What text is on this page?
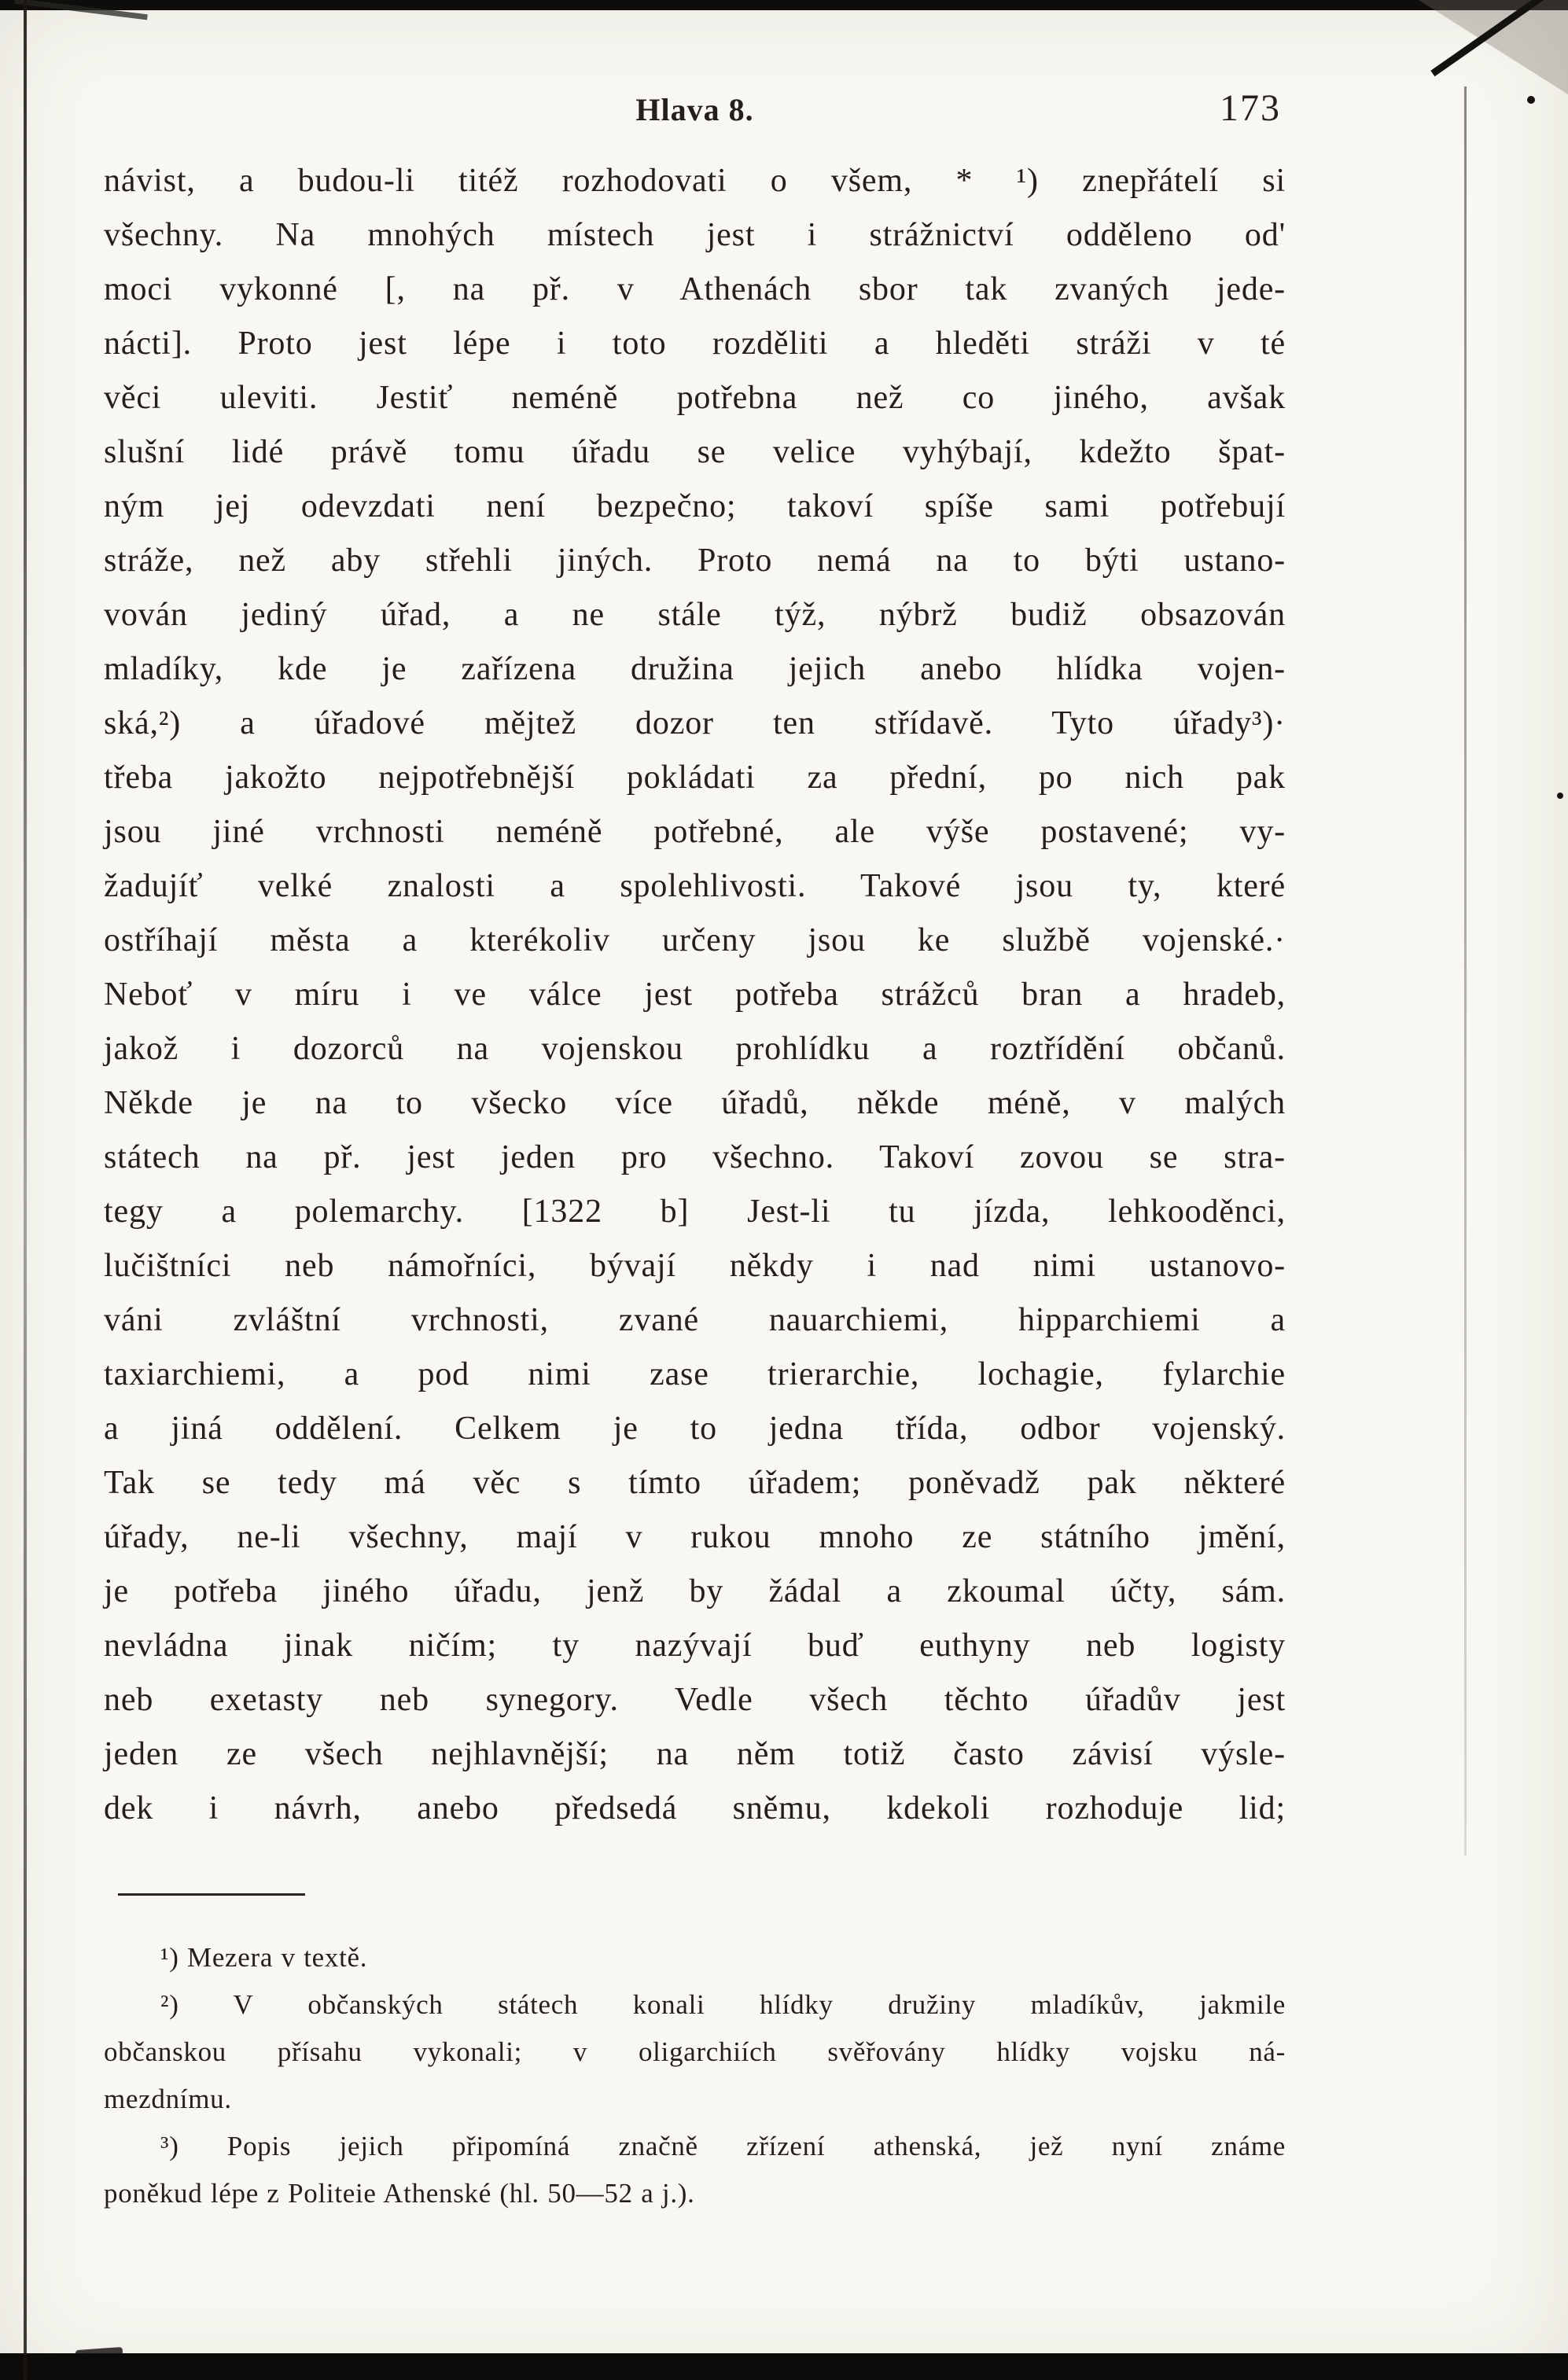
Hlava 8.	173
návist, a budou-li titéž rozhodovati o všem, * ¹) znepřátelí si
všechny. Na mnohých místech jest i strážnictví odděleno od'
moci vykonné [, na př. v Athenách sbor tak zvaných jede-
nácti]. Proto jest lépe i toto rozděliti a hleděti stráži v té
věci uleviti. Jestiť neméně potřebna než co jiného, avšak
slušní lidé právě tomu úřadu se velice vyhýbají, kdežto špat-
ným jej odevzdati není bezpečno; takoví spíše sami potřebují
stráže, než aby střehli jiných. Proto nemá na to býti ustano-
vován jediný úřad, a ne stále týž, nýbrž budiž obsazován
mladíky, kde je zařízena družina jejich anebo hlídka vojen-
ská,²) a úřadové mějtež dozor ten střídavě. Tyto úřady³)·
třeba jakožto nejpotřebnější pokládati za přední, po nich pak
jsou jiné vrchnosti neméně potřebné, ale výše postavené; vy-
žadujíť velké znalosti a spolehlivosti. Takové jsou ty, které
ostříhají města a kterékoliv určeny jsou ke službě vojenské.·
Neboť v míru i ve válce jest potřeba strážců bran a hradeb,
jakož i dozorců na vojenskou prohlídku a roztřídění občanů.
Někde je na to všecko více úřadů, někde méně, v malých
státech na př. jest jeden pro všechno. Takoví zovou se stra-
tegy a polemarchy. [1322 b] Jest-li tu jízda, lehkooděnci,
lučištníci neb námořníci, bývají někdy i nad nimi ustanovo-
váni zvláštní vrchnosti, zvané nauarchiemi, hipparchiemi a
taxiarchiemi, a pod nimi zase trierarchie, lochagie, fylarchie
a jiná oddělení. Celkem je to jedna třída, odbor vojenský.
Tak se tedy má věc s tímto úřadem; poněvadž pak některé
úřady, ne-li všechny, mají v rukou mnoho ze státního jmění,
je potřeba jiného úřadu, jenž by žádal a zkoumal účty, sám.
nevládna jinak ničím; ty nazývají buď euthyny neb logisty
neb exetasty neb synegory. Vedle všech těchto úřadův jest
jeden ze všech nejhlavnější; na něm totiž často závisí výsle-
dek i návrh, anebo předsedá sněmu, kdekoli rozhoduje lid;
¹) Mezera v textě.
²) V občanských státech konali hlídky družiny mladíkův, jakmile
občanskou přísahu vykonali; v oligarchiích svěřovány hlídky vojsku ná-
mezdnímu.
³) Popis jejich připomíná značně zřízení athenská, jež nyní známe
poněkud lépe z Politeie Athenské (hl. 50—52 a j.).
